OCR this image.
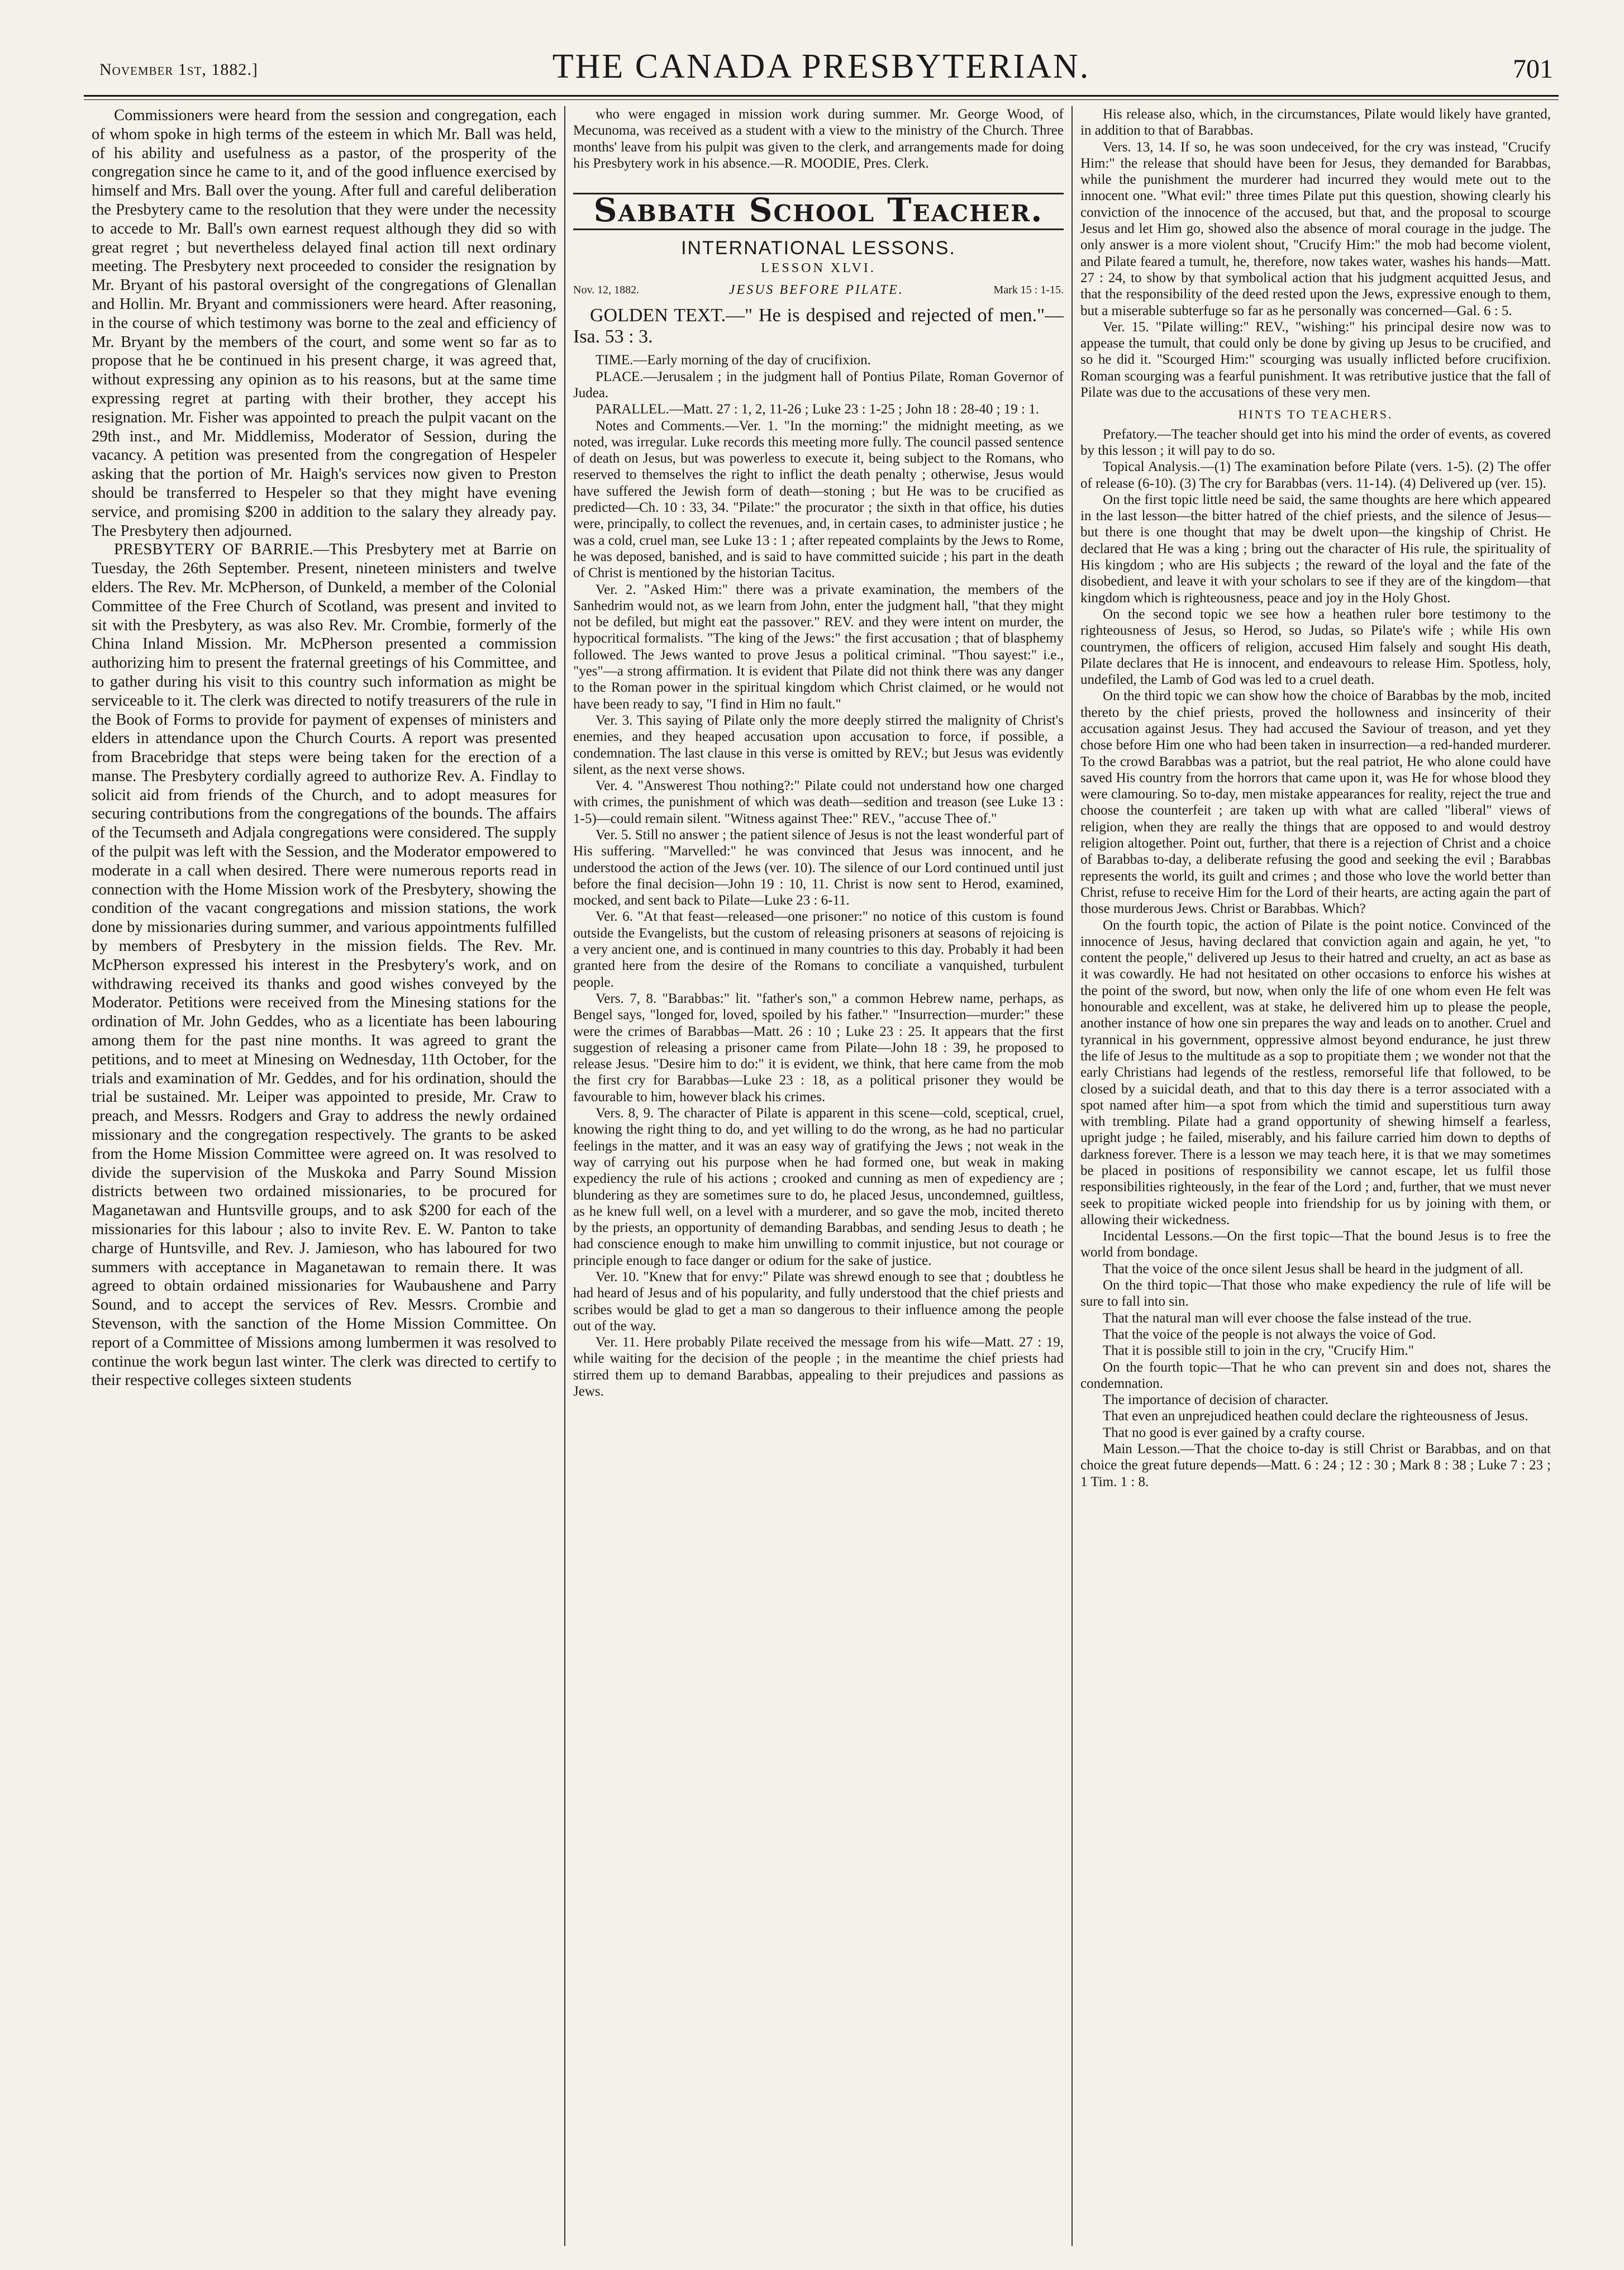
November 1st, 1882.]	THE CANADA PRESBYTERIAN.	701

Commissioners were heard from the session and congregation, each of whom spoke in high terms of the esteem in which Mr. Ball was held, of his ability and usefulness as a pastor, of the prosperity of the congregation since he came to it, and of the good influence exercised by himself and Mrs. Ball over the young. After full and careful deliberation the Presbytery came to the resolution that they were under the necessity to accede to Mr. Ball's own earnest request although they did so with great regret ; but nevertheless delayed final action till next ordinary meeting. The Presbytery next proceeded to consider the resignation by Mr. Bryant of his pastoral oversight of the congregations of Glenallan and Hollin. Mr. Bryant and commissioners were heard. After reasoning, in the course of which testimony was borne to the zeal and efficiency of Mr. Bryant by the members of the court, and some went so far as to propose that he be continued in his present charge, it was agreed that, without expressing any opinion as to his reasons, but at the same time expressing regret at parting with their brother, they accept his resignation. Mr. Fisher was appointed to preach the pulpit vacant on the 29th inst., and Mr. Middlemiss, Moderator of Session, during the vacancy. A petition was presented from the congregation of Hespeler asking that the portion of Mr. Haigh's services now given to Preston should be transferred to Hespeler so that they might have evening service, and promising $200 in addition to the salary they already pay. The Presbytery then adjourned.

PRESBYTERY OF BARRIE.—This Presbytery met at Barrie on Tuesday, the 26th September. Present, nineteen ministers and twelve elders. The Rev. Mr. McPherson, of Dunkeld, a member of the Colonial Committee of the Free Church of Scotland, was present and invited to sit with the Presbytery, as was also Rev. Mr. Crombie, formerly of the China Inland Mission. Mr. McPherson presented a commission authorizing him to present the fraternal greetings of his Committee, and to gather during his visit to this country such information as might be serviceable to it. The clerk was directed to notify treasurers of the rule in the Book of Forms to provide for payment of expenses of ministers and elders in attendance upon the Church Courts. A report was presented from Bracebridge that steps were being taken for the erection of a manse. The Presbytery cordially agreed to authorize Rev. A. Findlay to solicit aid from friends of the Church, and to adopt measures for securing contributions from the congregations of the bounds. The affairs of the Tecumseth and Adjala congregations were considered. The supply of the pulpit was left with the Session, and the Moderator empowered to moderate in a call when desired. There were numerous reports read in connection with the Home Mission work of the Presbytery, showing the condition of the vacant congregations and mission stations, the work done by missionaries during summer, and various appointments fulfilled by members of Presbytery in the mission fields. The Rev. Mr. McPherson expressed his interest in the Presbytery's work, and on withdrawing received its thanks and good wishes conveyed by the Moderator. Petitions were received from the Minesing stations for the ordination of Mr. John Geddes, who as a licentiate has been labouring among them for the past nine months. It was agreed to grant the petitions, and to meet at Minesing on Wednesday, 11th October, for the trials and examination of Mr. Geddes, and for his ordination, should the trial be sustained. Mr. Leiper was appointed to preside, Mr. Craw to preach, and Messrs. Rodgers and Gray to address the newly ordained missionary and the congregation respectively. The grants to be asked from the Home Mission Committee were agreed on. It was resolved to divide the supervision of the Muskoka and Parry Sound Mission districts between two ordained missionaries, to be procured for Maganetawan and Huntsville groups, and to ask $200 for each of the missionaries for this labour ; also to invite Rev. E. W. Panton to take charge of Huntsville, and Rev. J. Jamieson, who has laboured for two summers with acceptance in Maganetawan to remain there. It was agreed to obtain ordained missionaries for Waubaushene and Parry Sound, and to accept the services of Rev. Messrs. Crombie and Stevenson, with the sanction of the Home Mission Committee. On report of a Committee of Missions among lumbermen it was resolved to continue the work begun last winter. The clerk was directed to certify to their respective colleges sixteen students

who were engaged in mission work during summer. Mr. George Wood, of Mecunoma, was received as a student with a view to the ministry of the Church. Three months' leave from his pulpit was given to the clerk, and arrangements made for doing his Presbytery work in his absence.—R. MOODIE, Pres. Clerk.

Sabbath School Teacher.
INTERNATIONAL LESSONS.
LESSON XLVI.
Nov. 12, 1882.	JESUS BEFORE PILATE.	Mark 15 : 1-15.

GOLDEN TEXT.—" He is despised and rejected of men."—Isa. 53 : 3.

TIME.—Early morning of the day of crucifixion.

PLACE.—Jerusalem ; in the judgment hall of Pontius Pilate, Roman Governor of Judea.

PARALLEL.—Matt. 27 : 1, 2, 11-26 ; Luke 23 : 1-25 ; John 18 : 28-40 ; 19 : 1.

Notes and Comments.—Ver. 1. "In the morning:" the midnight meeting, as we noted, was irregular. Luke records this meeting more fully. The council passed sentence of death on Jesus, but was powerless to execute it, being subject to the Romans, who reserved to themselves the right to inflict the death penalty ; otherwise, Jesus would have suffered the Jewish form of death—stoning ; but He was to be crucified as predicted—Ch. 10 : 33, 34. "Pilate:" the procurator ; the sixth in that office, his duties were, principally, to collect the revenues, and, in certain cases, to administer justice ; he was a cold, cruel man, see Luke 13 : 1 ; after repeated complaints by the Jews to Rome, he was deposed, banished, and is said to have committed suicide ; his part in the death of Christ is mentioned by the historian Tacitus.

Ver. 2. "Asked Him:" there was a private examination, the members of the Sanhedrim would not, as we learn from John, enter the judgment hall, "that they might not be defiled, but might eat the passover." REV. and they were intent on murder, the hypocritical formalists. "The king of the Jews:" the first accusation ; that of blasphemy followed. The Jews wanted to prove Jesus a political criminal. "Thou sayest:" i.e., "yes"—a strong affirmation. It is evident that Pilate did not think there was any danger to the Roman power in the spiritual kingdom which Christ claimed, or he would not have been ready to say, "I find in Him no fault."

Ver. 3. This saying of Pilate only the more deeply stirred the malignity of Christ's enemies, and they heaped accusation upon accusation to force, if possible, a condemnation. The last clause in this verse is omitted by REV.; but Jesus was evidently silent, as the next verse shows.

Ver. 4. "Answerest Thou nothing?:" Pilate could not understand how one charged with crimes, the punishment of which was death—sedition and treason (see Luke 13 : 1-5)—could remain silent. "Witness against Thee:" REV., "accuse Thee of."

Ver. 5. Still no answer ; the patient silence of Jesus is not the least wonderful part of His suffering. "Marvelled:" he was convinced that Jesus was innocent, and he understood the action of the Jews (ver. 10). The silence of our Lord continued until just before the final decision—John 19 : 10, 11. Christ is now sent to Herod, examined, mocked, and sent back to Pilate—Luke 23 : 6-11.

Ver. 6. "At that feast—released—one prisoner:" no notice of this custom is found outside the Evangelists, but the custom of releasing prisoners at seasons of rejoicing is a very ancient one, and is continued in many countries to this day. Probably it had been granted here from the desire of the Romans to conciliate a vanquished, turbulent people.

Vers. 7, 8. "Barabbas:" lit. "father's son," a common Hebrew name, perhaps, as Bengel says, "longed for, loved, spoiled by his father." "Insurrection—murder:" these were the crimes of Barabbas—Matt. 26 : 10 ; Luke 23 : 25. It appears that the first suggestion of releasing a prisoner came from Pilate—John 18 : 39, he proposed to release Jesus. "Desire him to do:" it is evident, we think, that here came from the mob the first cry for Barabbas—Luke 23 : 18, as a political prisoner they would be favourable to him, however black his crimes.

Vers. 8, 9. The character of Pilate is apparent in this scene—cold, sceptical, cruel, knowing the right thing to do, and yet willing to do the wrong, as he had no particular feelings in the matter, and it was an easy way of gratifying the Jews ; not weak in the way of carrying out his purpose when he had formed one, but weak in making expediency the rule of his actions ; crooked and cunning as men of expediency are ; blundering as they are sometimes sure to do, he placed Jesus, uncondemned, guiltless, as he knew full well, on a level with a murderer, and so gave the mob, incited thereto by the priests, an opportunity of demanding Barabbas, and sending Jesus to death ; he had conscience enough to make him unwilling to commit injustice, but not courage or principle enough to face danger or odium for the sake of justice.

Ver. 10. "Knew that for envy:" Pilate was shrewd enough to see that ; doubtless he had heard of Jesus and of his popularity, and fully understood that the chief priests and scribes would be glad to get a man so dangerous to their influence among the people out of the way.

Ver. 11. Here probably Pilate received the message from his wife—Matt. 27 : 19, while waiting for the decision of the people ; in the meantime the chief priests had stirred them up to demand Barabbas, appealing to their prejudices and passions as Jews.

His release also, which, in the circumstances, Pilate would likely have granted, in addition to that of Barabbas.

Vers. 13, 14. If so, he was soon undeceived, for the cry was instead, "Crucify Him:" the release that should have been for Jesus, they demanded for Barabbas, while the punishment the murderer had incurred they would mete out to the innocent one. "What evil:" three times Pilate put this question, showing clearly his conviction of the innocence of the accused, but that, and the proposal to scourge Jesus and let Him go, showed also the absence of moral courage in the judge. The only answer is a more violent shout, "Crucify Him:" the mob had become violent, and Pilate feared a tumult, he, therefore, now takes water, washes his hands—Matt. 27 : 24, to show by that symbolical action that his judgment acquitted Jesus, and that the responsibility of the deed rested upon the Jews, expressive enough to them, but a miserable subterfuge so far as he personally was concerned—Gal. 6 : 5.

Ver. 15. "Pilate willing:" REV., "wishing:" his principal desire now was to appease the tumult, that could only be done by giving up Jesus to be crucified, and so he did it. "Scourged Him:" scourging was usually inflicted before crucifixion. Roman scourging was a fearful punishment. It was retributive justice that the fall of Pilate was due to the accusations of these very men.

HINTS TO TEACHERS.

Prefatory.—The teacher should get into his mind the order of events, as covered by this lesson ; it will pay to do so.

Topical Analysis.—(1) The examination before Pilate (vers. 1-5). (2) The offer of release (6-10). (3) The cry for Barabbas (vers. 11-14). (4) Delivered up (ver. 15).

On the first topic little need be said, the same thoughts are here which appeared in the last lesson—the bitter hatred of the chief priests, and the silence of Jesus—but there is one thought that may be dwelt upon—the kingship of Christ. He declared that He was a king ; bring out the character of His rule, the spirituality of His kingdom ; who are His subjects ; the reward of the loyal and the fate of the disobedient, and leave it with your scholars to see if they are of the kingdom—that kingdom which is righteousness, peace and joy in the Holy Ghost.

On the second topic we see how a heathen ruler bore testimony to the righteousness of Jesus, so Herod, so Judas, so Pilate's wife ; while His own countrymen, the officers of religion, accused Him falsely and sought His death, Pilate declares that He is innocent, and endeavours to release Him. Spotless, holy, undefiled, the Lamb of God was led to a cruel death.

On the third topic we can show how the choice of Barabbas by the mob, incited thereto by the chief priests, proved the hollowness and insincerity of their accusation against Jesus. They had accused the Saviour of treason, and yet they chose before Him one who had been taken in insurrection—a red-handed murderer. To the crowd Barabbas was a patriot, but the real patriot, He who alone could have saved His country from the horrors that came upon it, was He for whose blood they were clamouring. So to-day, men mistake appearances for reality, reject the true and choose the counterfeit ; are taken up with what are called "liberal" views of religion, when they are really the things that are opposed to and would destroy religion altogether. Point out, further, that there is a rejection of Christ and a choice of Barabbas to-day, a deliberate refusing the good and seeking the evil ; Barabbas represents the world, its guilt and crimes ; and those who love the world better than Christ, refuse to receive Him for the Lord of their hearts, are acting again the part of those murderous Jews. Christ or Barabbas. Which?

On the fourth topic, the action of Pilate is the point notice. Convinced of the innocence of Jesus, having declared that conviction again and again, he yet, "to content the people," delivered up Jesus to their hatred and cruelty, an act as base as it was cowardly. He had not hesitated on other occasions to enforce his wishes at the point of the sword, but now, when only the life of one whom even He felt was honourable and excellent, was at stake, he delivered him up to please the people, another instance of how one sin prepares the way and leads on to another. Cruel and tyrannical in his government, oppressive almost beyond endurance, he just threw the life of Jesus to the multitude as a sop to propitiate them ; we wonder not that the early Christians had legends of the restless, remorseful life that followed, to be closed by a suicidal death, and that to this day there is a terror associated with a spot named after him—a spot from which the timid and superstitious turn away with trembling. Pilate had a grand opportunity of shewing himself a fearless, upright judge ; he failed, miserably, and his failure carried him down to depths of darkness forever. There is a lesson we may teach here, it is that we may sometimes be placed in positions of responsibility we cannot escape, let us fulfil those responsibilities righteously, in the fear of the Lord ; and, further, that we must never seek to propitiate wicked people into friendship for us by joining with them, or allowing their wickedness.

Incidental Lessons.—On the first topic—That the bound Jesus is to free the world from bondage.

That the voice of the once silent Jesus shall be heard in the judgment of all.

On the third topic—That those who make expediency the rule of life will be sure to fall into sin.

That the natural man will ever choose the false instead of the true.

That the voice of the people is not always the voice of God.

That it is possible still to join in the cry, "Crucify Him."

On the fourth topic—That he who can prevent sin and does not, shares the condemnation.

The importance of decision of character.

That even an unprejudiced heathen could declare the righteousness of Jesus.

That no good is ever gained by a crafty course.

Main Lesson.—That the choice to-day is still Christ or Barabbas, and on that choice the great future depends—Matt. 6 : 24 ; 12 : 30 ; Mark 8 : 38 ; Luke 7 : 23 ; 1 Tim. 1 : 8.
